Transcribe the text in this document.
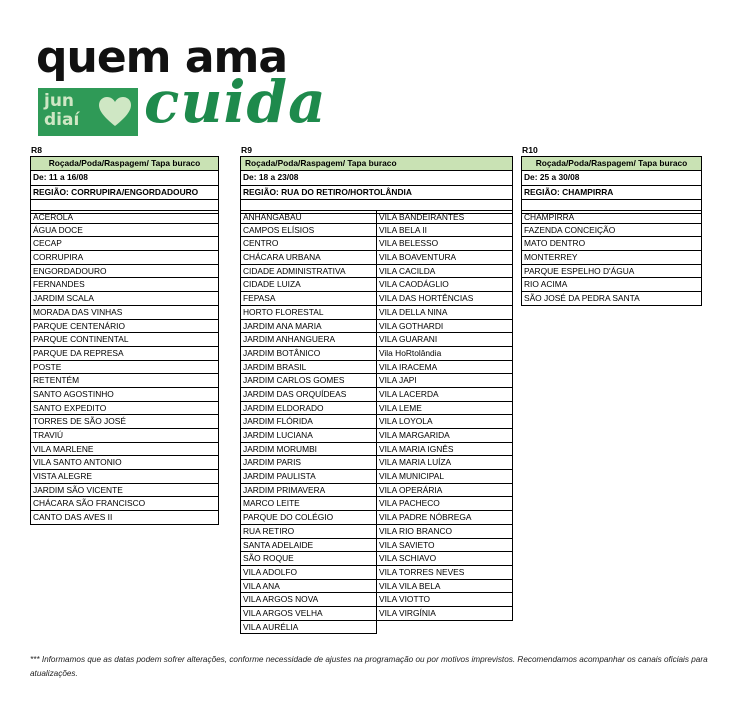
quem ama
jun
diaí cuida
R8
Roçada/Poda/Raspagem/ Tapa buraco
De: 11 a 16/08
REGIÃO: CORRUPIRA/ENGORDADOURO
ACEROLA
ÁGUA DOCE
CECAP
CORRUPIRA
ENGORDADOURO
FERNANDES
JARDIM SCALA
MORADA DAS VINHAS
PARQUE CENTENÁRIO
PARQUE CONTINENTAL
PARQUE DA REPRESA
POSTE
RETENTÉM
SANTO AGOSTINHO
SANTO EXPEDITO
TORRES DE SÃO JOSÉ
TRAVIÚ
VILA MARLENE
VILA SANTO ANTONIO
VISTA ALEGRE
JARDIM SÃO VICENTE
CHÁCARA SÃO FRANCISCO
CANTO DAS AVES II
R9
Roçada/Poda/Raspagem/ Tapa buraco
De: 18 a 23/08
REGIÃO: RUA DO RETIRO/HORTOLÂNDIA
ANHANGABAÚ
CAMPOS ELÍSIOS
CENTRO
CHÁCARA URBANA
CIDADE ADMINISTRATIVA
CIDADE LUIZA
FEPASA
HORTO FLORESTAL
JARDIM ANA MARIA
JARDIM ANHANGUERA
JARDIM BOTÂNICO
JARDIM BRASIL
JARDIM CARLOS GOMES
JARDIM DAS ORQUÍDEAS
JARDIM ELDORADO
JARDIM FLÓRIDA
JARDIM LUCIANA
JARDIM MORUMBI
JARDIM PARIS
JARDIM PAULISTA
JARDIM PRIMAVERA
MARCO LEITE
PARQUE DO COLÉGIO
RUA RETIRO
SANTA ADELAIDE
SÃO ROQUE
VILA ADOLFO
VILA ANA
VILA ARGOS NOVA
VILA ARGOS VELHA
VILA AURÉLIA
VILA BANDEIRANTES
VILA BELA II
VILA BELESSO
VILA BOAVENTURA
VILA CACILDA
VILA CAODÁGLIO
VILA DAS HORTÊNCIAS
VILA DELLA NINA
VILA GOTHARDI
VILA GUARANI
Vila HoRtolândia
VILA IRACEMA
VILA JAPI
VILA LACERDA
VILA LEME
VILA LOYOLA
VILA MARGARIDA
VILA MARIA IGNÊS
VILA MARIA LUÍZA
VILA MUNICIPAL
VILA OPERÁRIA
VILA PACHECO
VILA PADRE NÓBREGA
VILA RIO BRANCO
VILA SAVIETO
VILA SCHIAVO
VILA TORRES NEVES
VILA VILA BELA
VILA VIOTTO
VILA VIRGÍNIA
R10
Roçada/Poda/Raspagem/ Tapa buraco
De: 25 a 30/08
REGIÃO: CHAMPIRRA
CHAMPIRRA
FAZENDA CONCEIÇÃO
MATO DENTRO
MONTERREY
PARQUE ESPELHO D'ÁGUA
RIO ACIMA
SÃO JOSÉ DA PEDRA SANTA
*** Informamos que as datas podem sofrer alterações, conforme necessidade de ajustes na programação ou por motivos imprevistos. Recomendamos acompanhar os canais oficiais para atualizações.
